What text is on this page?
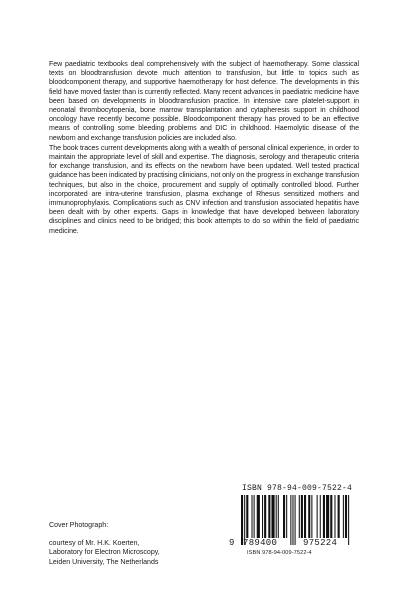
Few paediatric textbooks deal comprehensively with the subject of haemotherapy. Some classical texts on bloodtransfusion devote much attention to transfusion, but little to topics such as bloodcomponent therapy, and supportive haemotherapy for host defence. The developments in this field have moved faster than is currently reflected. Many recent advances in paediatric medicine have been based on developments in bloodtransfusion practice. In intensive care platelet-support in neonatal thrombocytopenia, bone marrow transplantation and cytapheresis support in childhood oncology have recently become possible. Bloodcomponent therapy has proved to be an effective means of controlling some bleeding problems and DIC in childhood. Haemolytic disease of the newborn and exchange transfusion policies are included also.

The book traces current developments along with a wealth of personal clinical experience, in order to maintain the appropriate level of skill and expertise. The diagnosis, serology and therapeutic criteria for exchange transfusion, and its effects on the newborn have been updated. Well tested practical guidance has been indicated by practising clinicians, not only on the progress in exchange transfusion techniques, but also in the choice, procurement and supply of optimally controlled blood. Further incorporated are intra-uterine transfusion, plasma exchange of Rhesus sensitized mothers and immunoprophylaxis. Complications such as CNV infection and transfusion associated hepatitis have been dealt with by other experts. Gaps in knowledge that have developed between laboratory disciplines and clinics need to be bridged; this book attempts to do so within the field of paediatric medicine.

ISBN 978-94-009-7522-4
9 789400	975224
ISBN 978-94-009-7522-4
Cover Photograph:
courtesy of Mr. H.K. Koerten,
Laboratory for Electron Microscopy,
Leiden University, The Netherlands
